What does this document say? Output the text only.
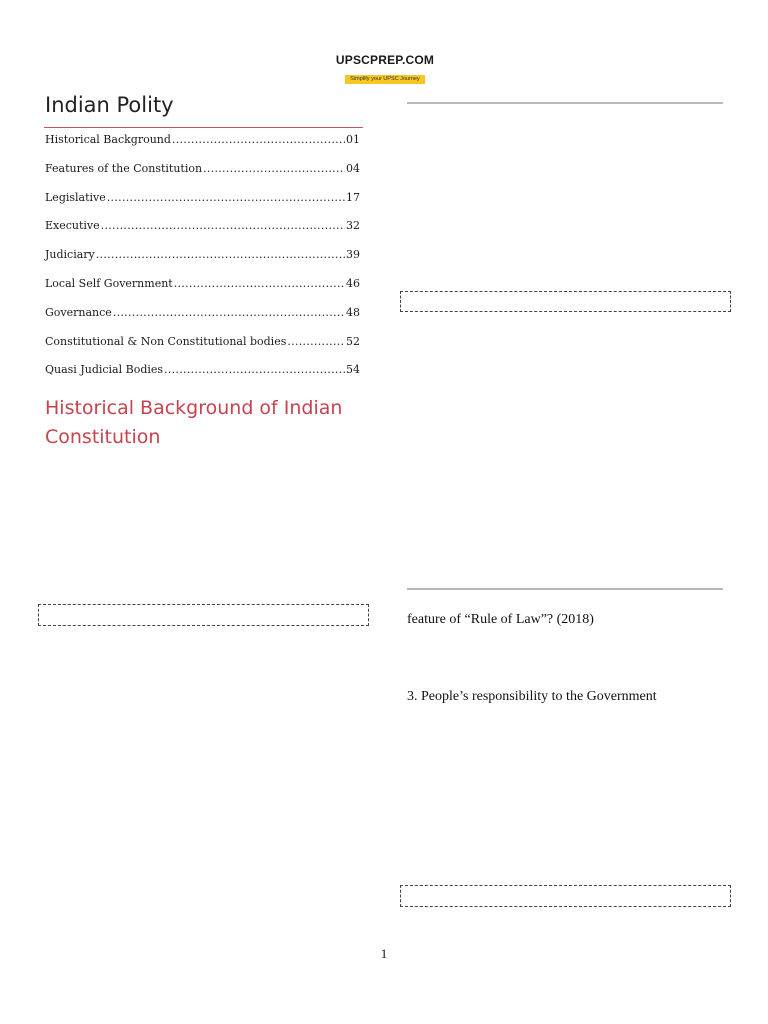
UPSCPREP.COM
Simplify your UPSC Journey
Indian Polity
Historical Background .....	01
Features of the Constitution .....	04
Legislative .....	17
Executive .....	32
Judiciary .....	39
Local Self Government .....	46
Governance .....	48
Constitutional & Non Constitutional bodies .....	52
Quasi Judicial Bodies .....	54
Historical Background of Indian Constitution

feature of “Rule of Law”? (2018)

3. People’s responsibility to the Government

1
